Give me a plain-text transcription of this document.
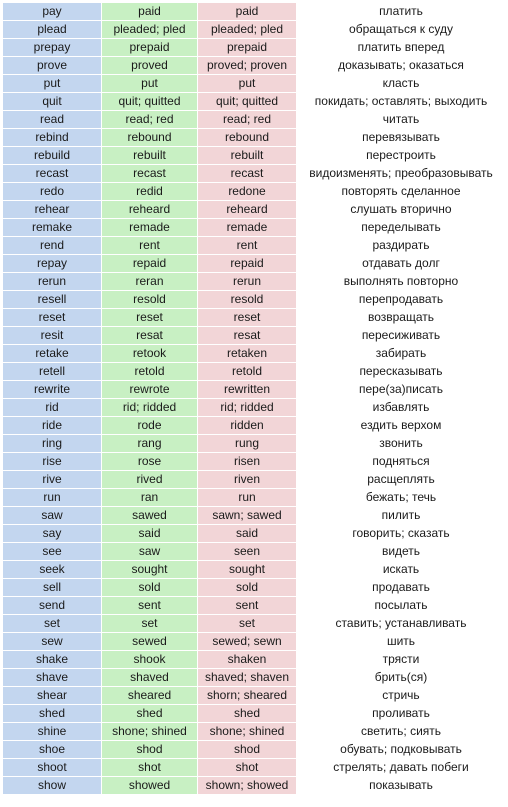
pay	paid	paid	платить
plead	pleaded; pled	pleaded; pled	обращаться к суду
prepay	prepaid	prepaid	платить вперед
prove	proved	proved; proven	доказывать; оказаться
put	put	put	класть
quit	quit; quitted	quit; quitted	покидать; оставлять; выходить
read	read; red	read; red	читать
rebind	rebound	rebound	перевязывать
rebuild	rebuilt	rebuilt	перестроить
recast	recast	recast	видоизменять; преобразовывать
redo	redid	redone	повторять сделанное
rehear	reheard	reheard	слушать вторично
remake	remade	remade	переделывать
rend	rent	rent	раздирать
repay	repaid	repaid	отдавать долг
rerun	reran	rerun	выполнять повторно
resell	resold	resold	перепродавать
reset	reset	reset	возвращать
resit	resat	resat	пересиживать
retake	retook	retaken	забирать
retell	retold	retold	пересказывать
rewrite	rewrote	rewritten	пере(за)писать
rid	rid; ridded	rid; ridded	избавлять
ride	rode	ridden	ездить верхом
ring	rang	rung	звонить
rise	rose	risen	подняться
rive	rived	riven	расщеплять
run	ran	run	бежать; течь
saw	sawed	sawn; sawed	пилить
say	said	said	говорить; сказать
see	saw	seen	видеть
seek	sought	sought	искать
sell	sold	sold	продавать
send	sent	sent	посылать
set	set	set	ставить; устанавливать
sew	sewed	sewed; sewn	шить
shake	shook	shaken	трясти
shave	shaved	shaved; shaven	брить(ся)
shear	sheared	shorn; sheared	стричь
shed	shed	shed	проливать
shine	shone; shined	shone; shined	светить; сиять
shoe	shod	shod	обувать; подковывать
shoot	shot	shot	стрелять; давать побеги
show	showed	shown; showed	показывать
